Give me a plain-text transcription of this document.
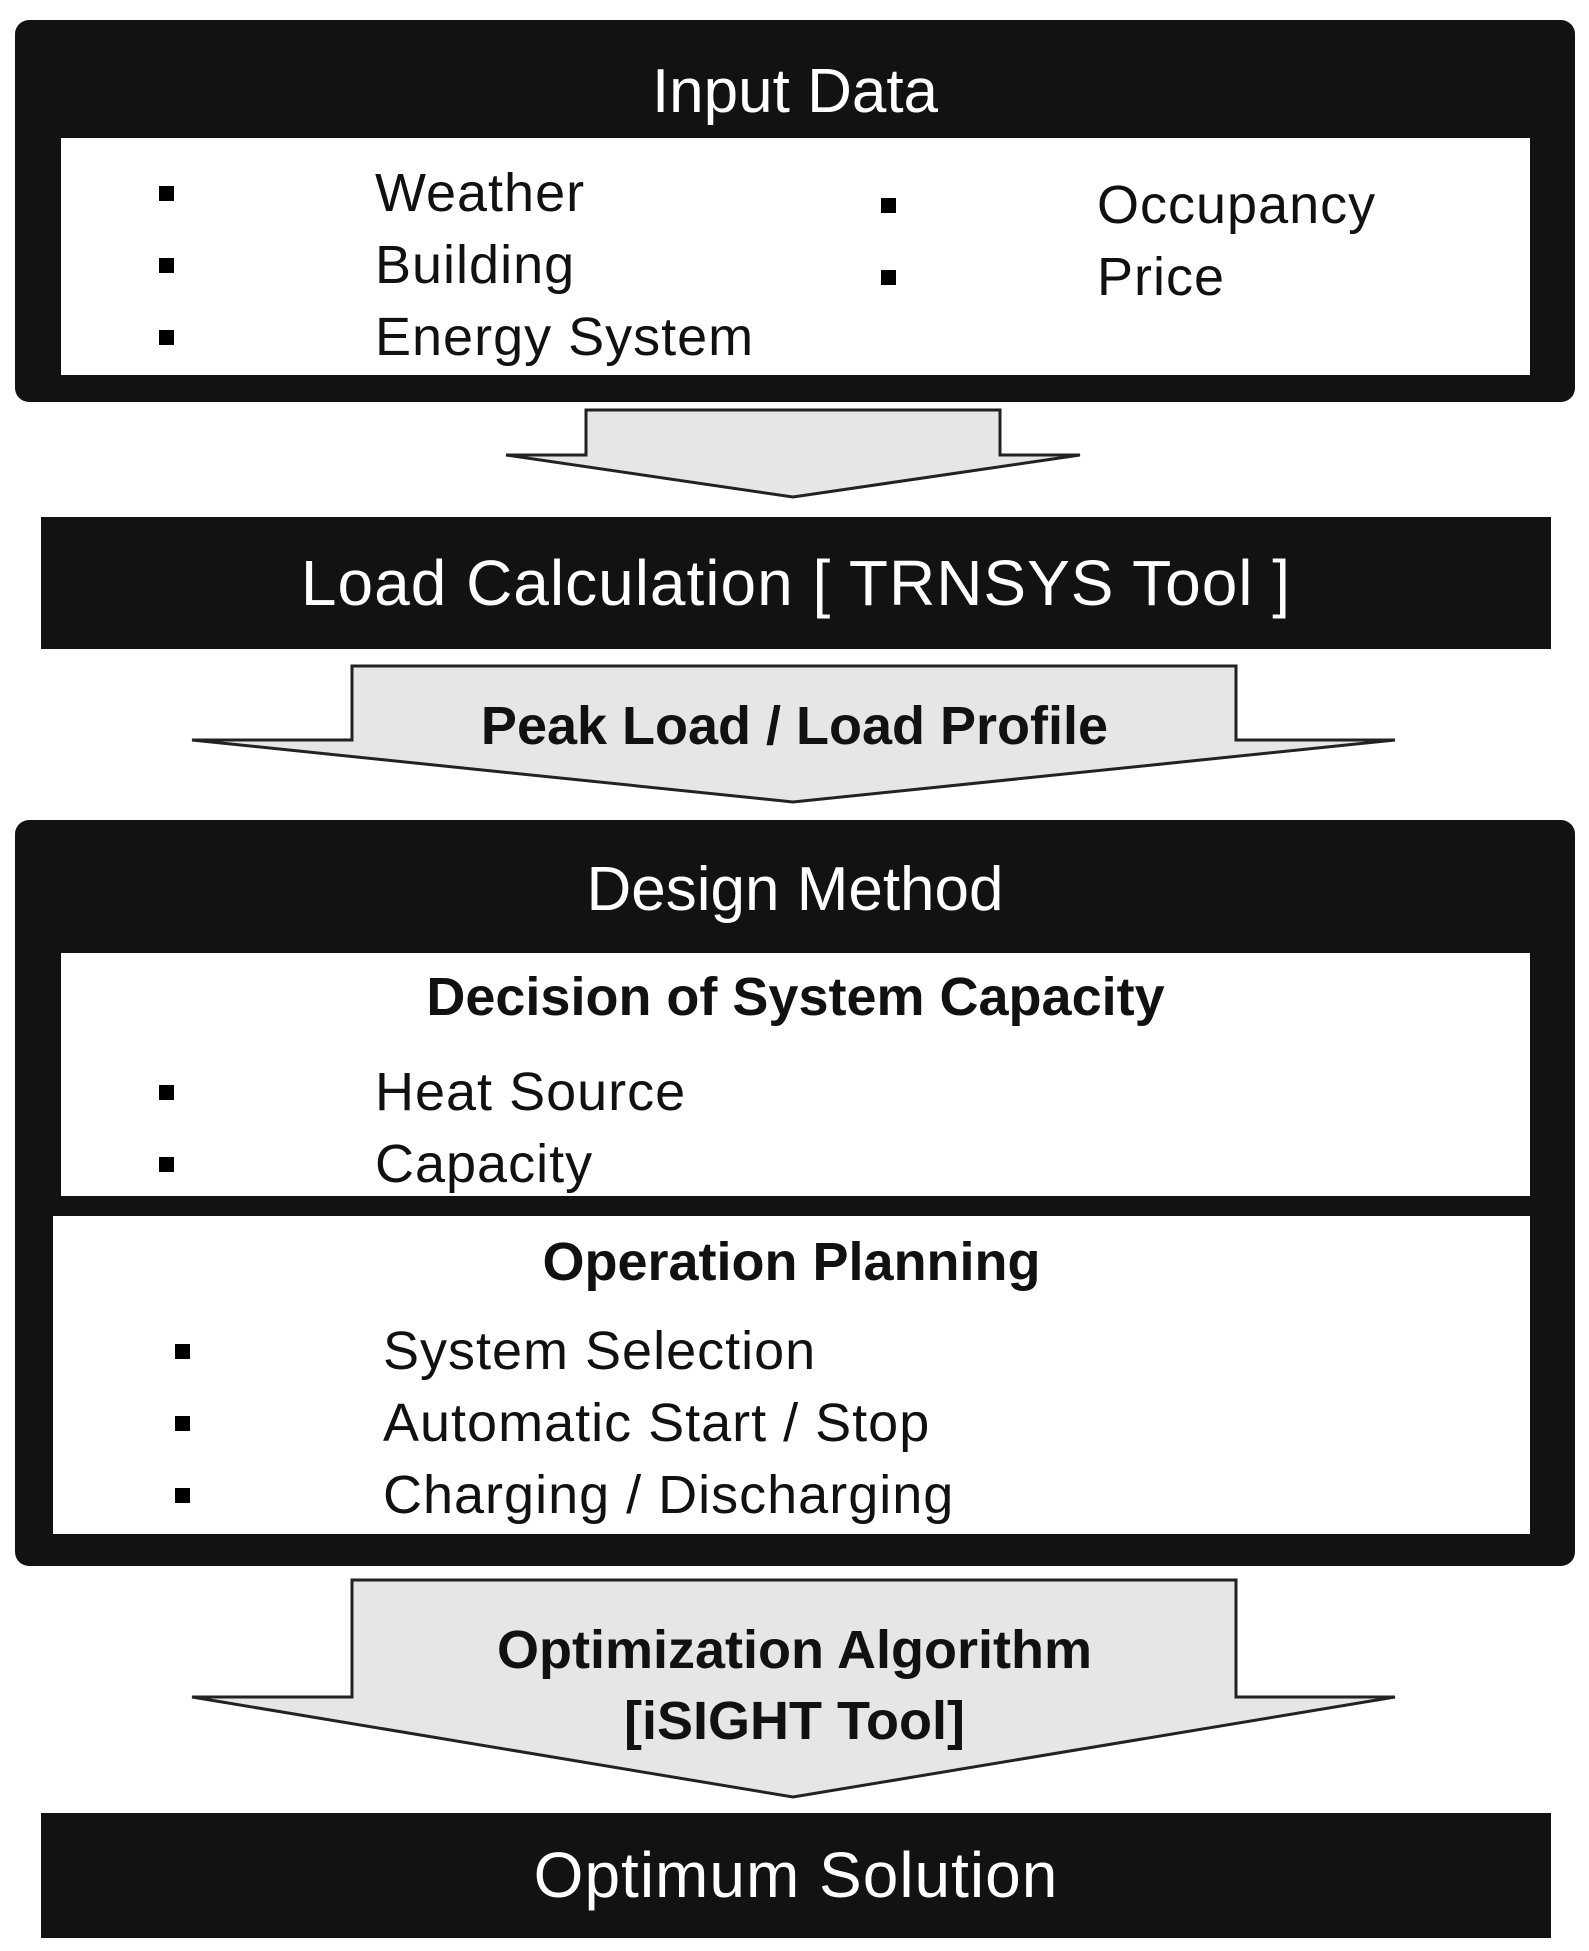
Input Data
Weather
Building
Energy System
Occupancy
Price
Load Calculation [ TRNSYS Tool ]
Peak Load / Load Profile
Design Method
Decision of System Capacity
Heat Source
Capacity
Operation Planning
System Selection
Automatic Start / Stop
Charging / Discharging
Optimization Algorithm
[iSIGHT Tool]
Optimum Solution
